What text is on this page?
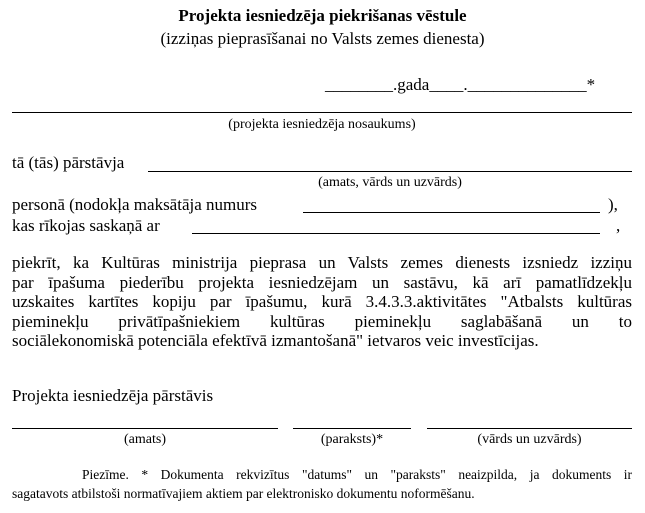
Projekta iesniedzēja piekrišanas vēstule
(izziņas pieprasīšanai no Valsts zemes dienesta)
________.gada____.______________*
(projekta iesniedzēja nosaukums)
tā (tās) pārstāvja
(amats, vārds un uzvārds)
personā (nodokļa maksātāja numurs	),
kas rīkojas saskaņā ar	,
piekrīt, ka Kultūras ministrija pieprasa un Valsts zemes dienests izsniedz izziņu
par īpašuma piederību projekta iesniedzējam un sastāvu, kā arī pamatlīdzekļu
uzskaites kartītes kopiju par īpašumu, kurā 3.4.3.3.aktivitātes "Atbalsts kultūras
pieminekļu privātīpašniekiem kultūras pieminekļu saglabāšanā un to
sociālekonomiskā potenciāla efektīvā izmantošanā" ietvaros veic investīcijas.
Projekta iesniedzēja pārstāvis
(amats)	(paraksts)*	(vārds un uzvārds)
Piezīme. * Dokumenta rekvizītus "datums" un "paraksts" neaizpilda, ja dokuments ir
sagatavots atbilstoši normatīvajiem aktiem par elektronisko dokumentu noformēšanu.
